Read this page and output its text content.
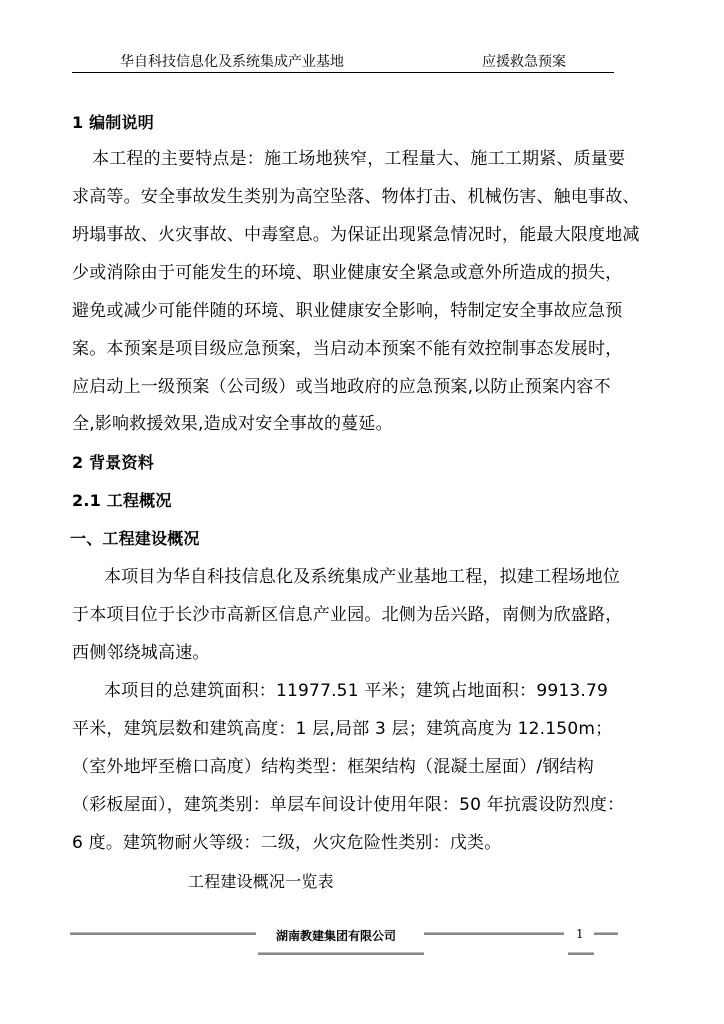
华自科技信息化及系统集成产业基地	应援救急预案
1 编制说明
本工程的主要特点是：施工场地狭窄，工程量大、施工工期紧、质量要
求高等。安全事故发生类别为高空坠落、物体打击、机械伤害、触电事故、
坍塌事故、火灾事故、中毒窒息。为保证出现紧急情况时，能最大限度地减
少或消除由于可能发生的环境、职业健康安全紧急或意外所造成的损失，
避免或减少可能伴随的环境、职业健康安全影响，特制定安全事故应急预
案。本预案是项目级应急预案，当启动本预案不能有效控制事态发展时，
应启动上一级预案（公司级）或当地政府的应急预案,以防止预案内容不
全,影响救援效果,造成对安全事故的蔓延。
2 背景资料
2.1 工程概况
一、工程建设概况
本项目为华自科技信息化及系统集成产业基地工程，拟建工程场地位
于本项目位于长沙市高新区信息产业园。北侧为岳兴路，南侧为欣盛路，
西侧邻绕城高速。
本项目的总建筑面积：11977.51 平米；建筑占地面积：9913.79
平米，建筑层数和建筑高度：1 层,局部 3 层；建筑高度为 12.150m；
（室外地坪至檐口高度）结构类型：框架结构（混凝土屋面）/钢结构
（彩板屋面），建筑类别：单层车间设计使用年限：50 年抗震设防烈度：
6 度。建筑物耐火等级：二级，火灾危险性类别：戊类。
工程建设概况一览表
湖南教建集团有限公司	1
